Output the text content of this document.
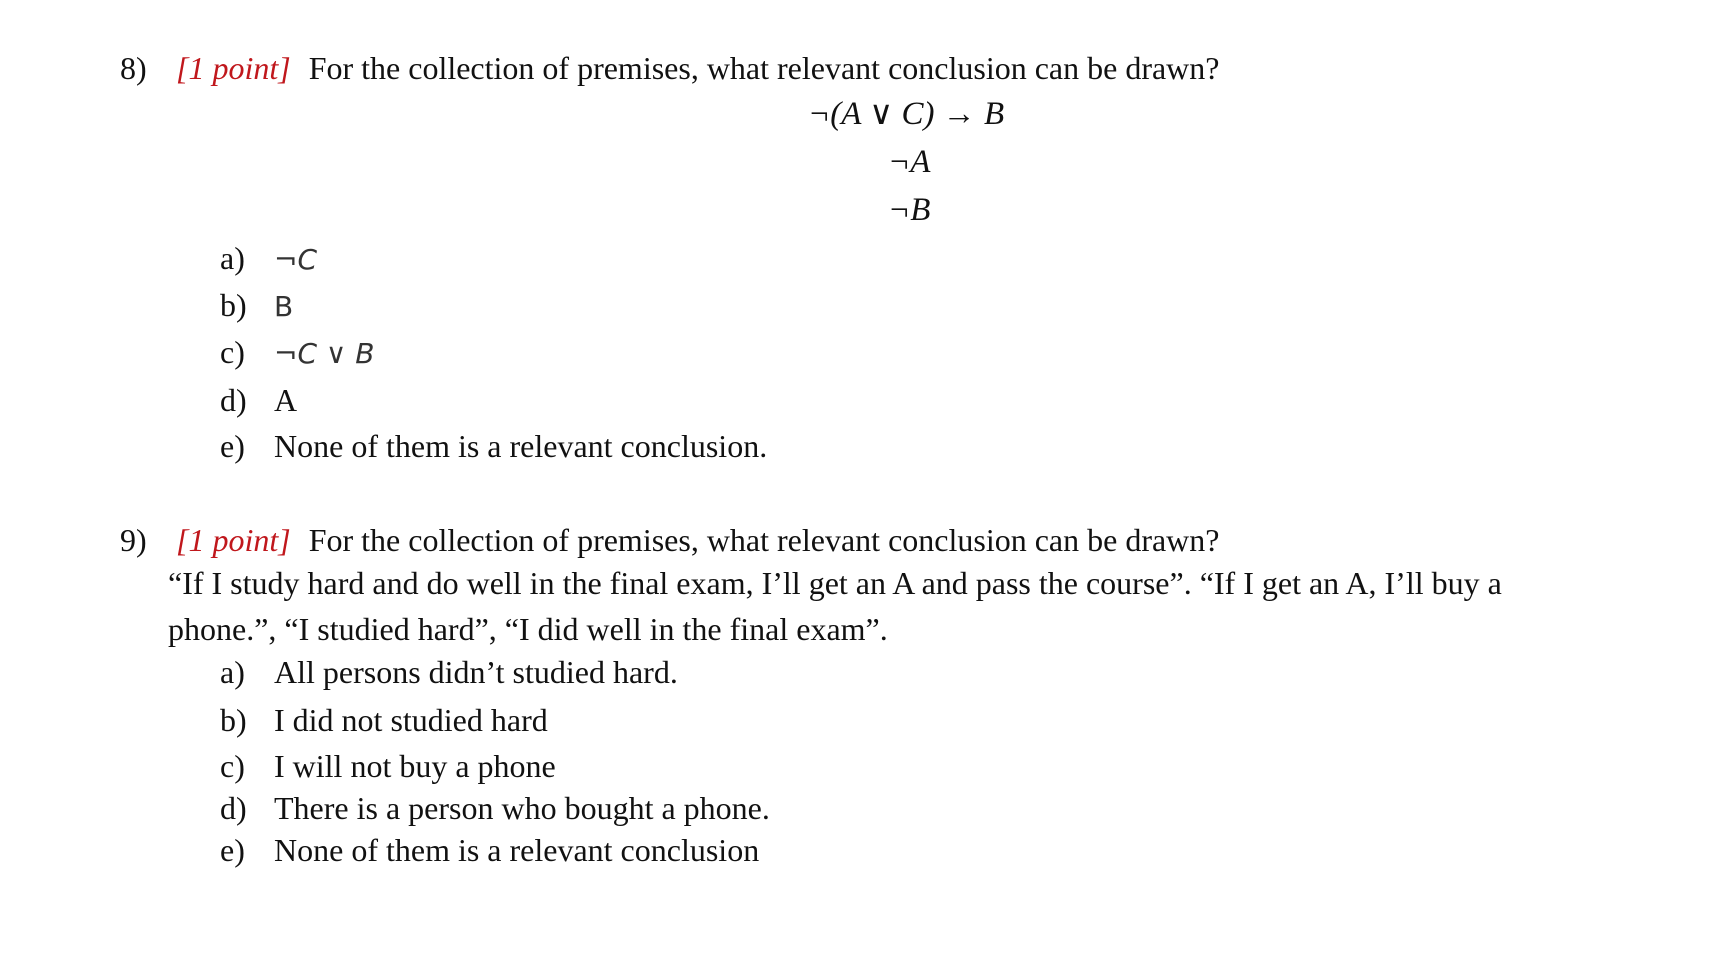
8) [1 point] For the collection of premises, what relevant conclusion can be drawn?
¬(A ∨ C) → B
¬A
¬B
a) ¬C
b) B
c) ¬C ∨ B
d) A
e) None of them is a relevant conclusion.
9) [1 point] For the collection of premises, what relevant conclusion can be drawn?
“If I study hard and do well in the final exam, I’ll get an A and pass the course”. “If I get an A, I’ll buy a phone.”, “I studied hard”, “I did well in the final exam”.
a) All persons didn’t studied hard.
b) I did not studied hard
c) I will not buy a phone
d) There is a person who bought a phone.
e) None of them is a relevant conclusion
